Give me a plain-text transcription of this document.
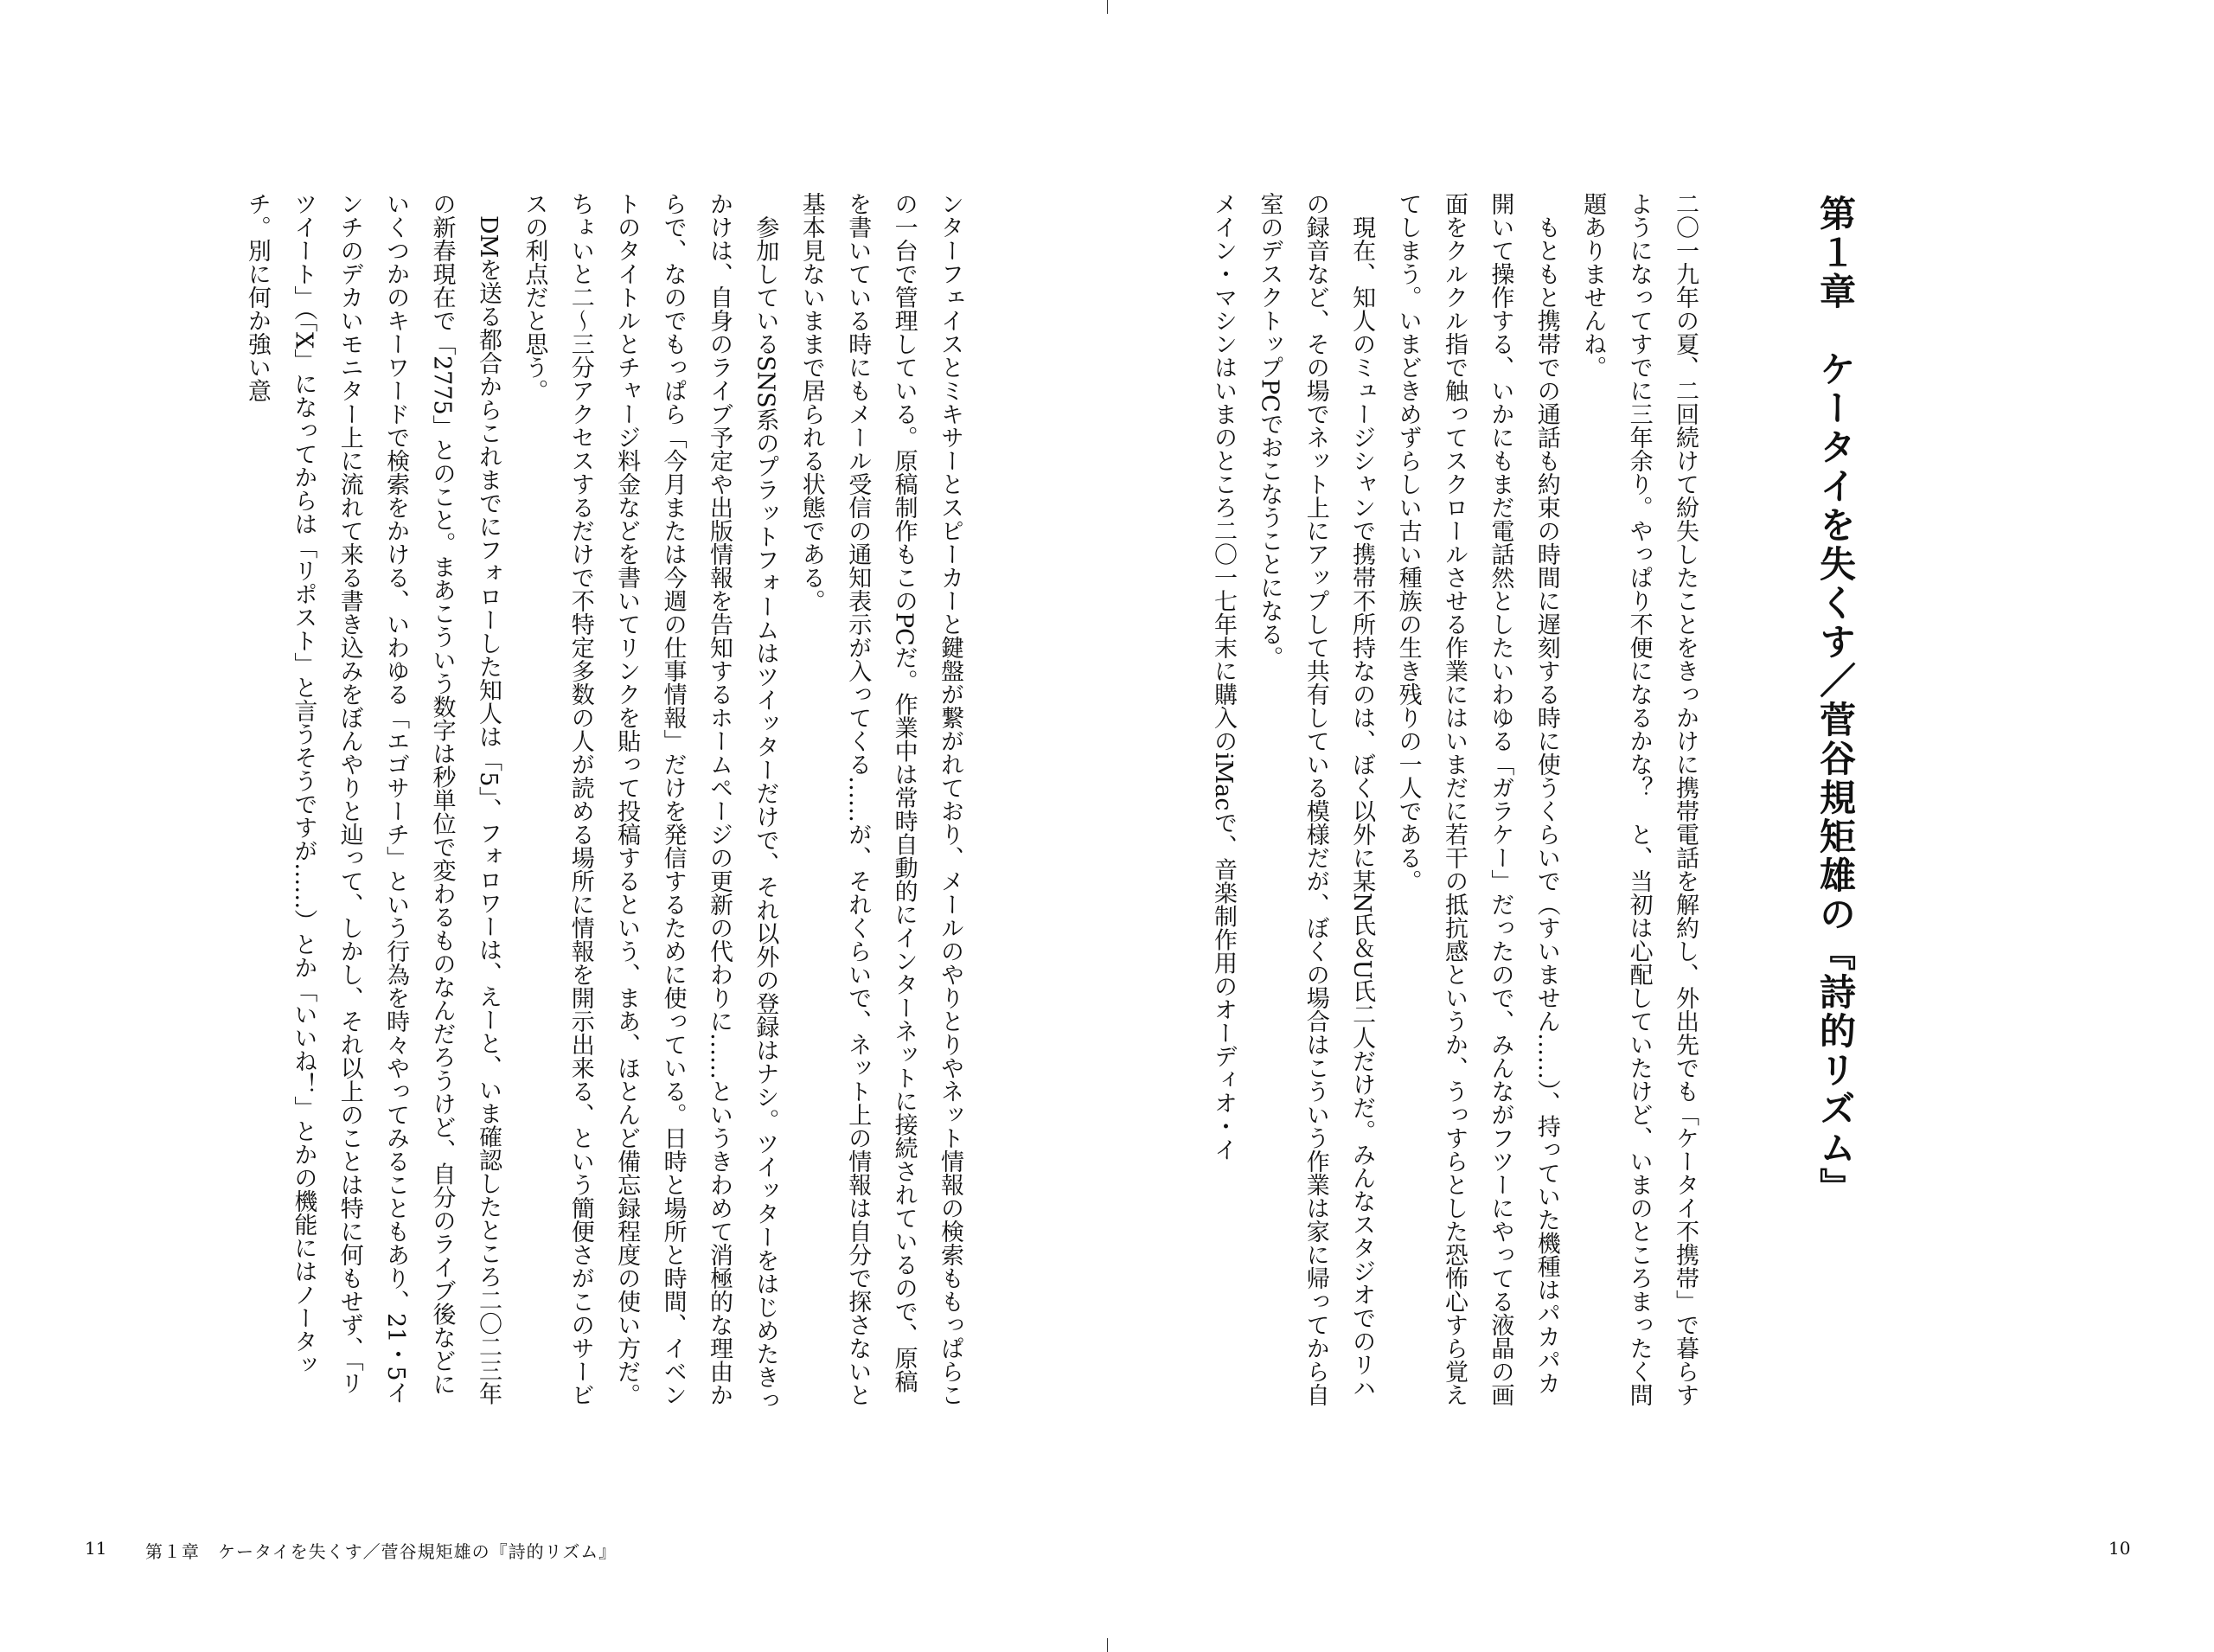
第１章　ケータイを失くす／菅谷規矩雄の『詩的リズム』

二〇一九年の夏、二回続けて紛失したことをきっかけに携帯電話を解約し、外出先でも「ケータイ不携帯」で暮らすようになってすでに三年余り。やっぱり不便になるかな？　と、当初は心配していたけど、いまのところまったく問題ありませんね。

もともと携帯での通話も約束の時間に遅刻する時に使うくらいで（すいません……）、持っていた機種はパカパカ開いて操作する、いかにもまだ電話然としたいわゆる「ガラケー」だったので、みんながフツーにやってる液晶の画面をクルクル指で触ってスクロールさせる作業にはいまだに若干の抵抗感というか、うっすらとした恐怖心すら覚えてしまう。いまどきめずらしい古い種族の生き残りの一人である。

現在、知人のミュージシャンで携帯不所持なのは、ぼく以外に某N氏＆U氏二人だけだ。みんなスタジオでのリハの録音など、その場でネット上にアップして共有している模様だが、ぼくの場合はこういう作業は家に帰ってから自室のデスクトップPCでおこなうことになる。

メイン・マシンはいまのところ二〇一七年末に購入のiMacで、音楽制作用のオーディオ・イ

ンターフェイスとミキサーとスピーカーと鍵盤が繋がれており、メールのやりとりやネット情報の検索ももっぱらこの一台で管理している。原稿制作もこのPCだ。作業中は常時自動的にインターネットに接続されているので、原稿を書いている時にもメール受信の通知表示が入ってくる……が、それくらいで、ネット上の情報は自分で探さないと基本見ないままで居られる状態である。

参加しているSNS系のプラットフォームはツイッターだけで、それ以外の登録はナシ。ツイッターをはじめたきっかけは、自身のライブ予定や出版情報を告知するホームページの更新の代わりに……というきわめて消極的な理由からで、なのでもっぱら「今月または今週の仕事情報」だけを発信するために使っている。日時と場所と時間、イベントのタイトルとチャージ料金などを書いてリンクを貼って投稿するという、まあ、ほとんど備忘録程度の使い方だ。ちょいと二～三分アクセスするだけで不特定多数の人が読める場所に情報を開示出来る、という簡便さがこのサービスの利点だと思う。

DMを送る都合からこれまでにフォローした知人は「5」、フォロワーは、えーと、いま確認したところ二〇二三年の新春現在で「2775」とのこと。まあこういう数字は秒単位で変わるものなんだろうけど、自分のライブ後などにいくつかのキーワードで検索をかける、いわゆる「エゴサーチ」という行為を時々やってみることもあり、21・5インチのデカいモニター上に流れて来る書き込みをぼんやりと辿って、しかし、それ以上のことは特に何もせず、「リツイート」（「X」になってからは「リポスト」と言うそうですが……）とか「いいね！」とかの機能にはノータッチ。別に何か強い意

11 第１章　ケータイを失くす／菅谷規矩雄の『詩的リズム』	10
